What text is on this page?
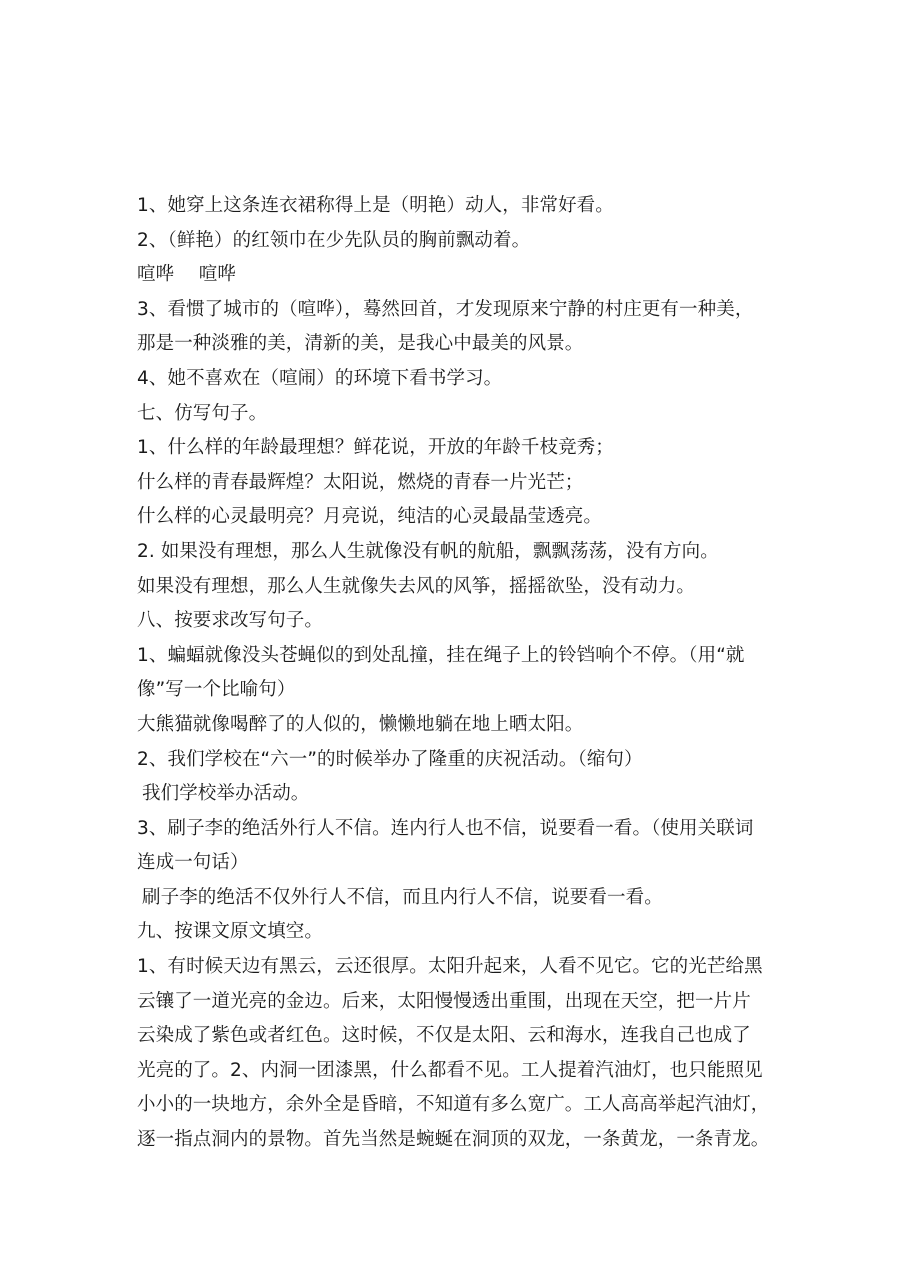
1、她穿上这条连衣裙称得上是（明艳）动人，非常好看。
2、（鲜艳）的红领巾在少先队员的胸前飘动着。
喧哗　 喧哗
3、看惯了城市的（喧哗），蓦然回首，才发现原来宁静的村庄更有一种美，
那是一种淡雅的美，清新的美，是我心中最美的风景。
4、她不喜欢在（喧闹）的环境下看书学习。
七、仿写句子。
1、什么样的年龄最理想？鲜花说，开放的年龄千枝竞秀；
什么样的青春最辉煌？太阳说，燃烧的青春一片光芒；
什么样的心灵最明亮？月亮说，纯洁的心灵最晶莹透亮。
2. 如果没有理想，那么人生就像没有帆的航船，飘飘荡荡，没有方向。
如果没有理想，那么人生就像失去风的风筝，摇摇欲坠，没有动力。
八、按要求改写句子。
1、蝙蝠就像没头苍蝇似的到处乱撞，挂在绳子上的铃铛响个不停。（用“就
像”写一个比喻句）
大熊猫就像喝醉了的人似的，懒懒地躺在地上晒太阳。
2、我们学校在“六一”的时候举办了隆重的庆祝活动。（缩句）
我们学校举办活动。
3、刷子李的绝活外行人不信。连内行人也不信，说要看一看。（使用关联词
连成一句话）
刷子李的绝活不仅外行人不信，而且内行人不信，说要看一看。
九、按课文原文填空。
1、有时候天边有黑云，云还很厚。太阳升起来，人看不见它。它的光芒给黑
云镶了一道光亮的金边。后来，太阳慢慢透出重围，出现在天空，把一片片
云染成了紫色或者红色。这时候，不仅是太阳、云和海水，连我自己也成了
光亮的了。2、内洞一团漆黑，什么都看不见。工人提着汽油灯，也只能照见
小小的一块地方，余外全是昏暗，不知道有多么宽广。工人高高举起汽油灯，
逐一指点洞内的景物。首先当然是蜿蜒在洞顶的双龙，一条黄龙，一条青龙。
